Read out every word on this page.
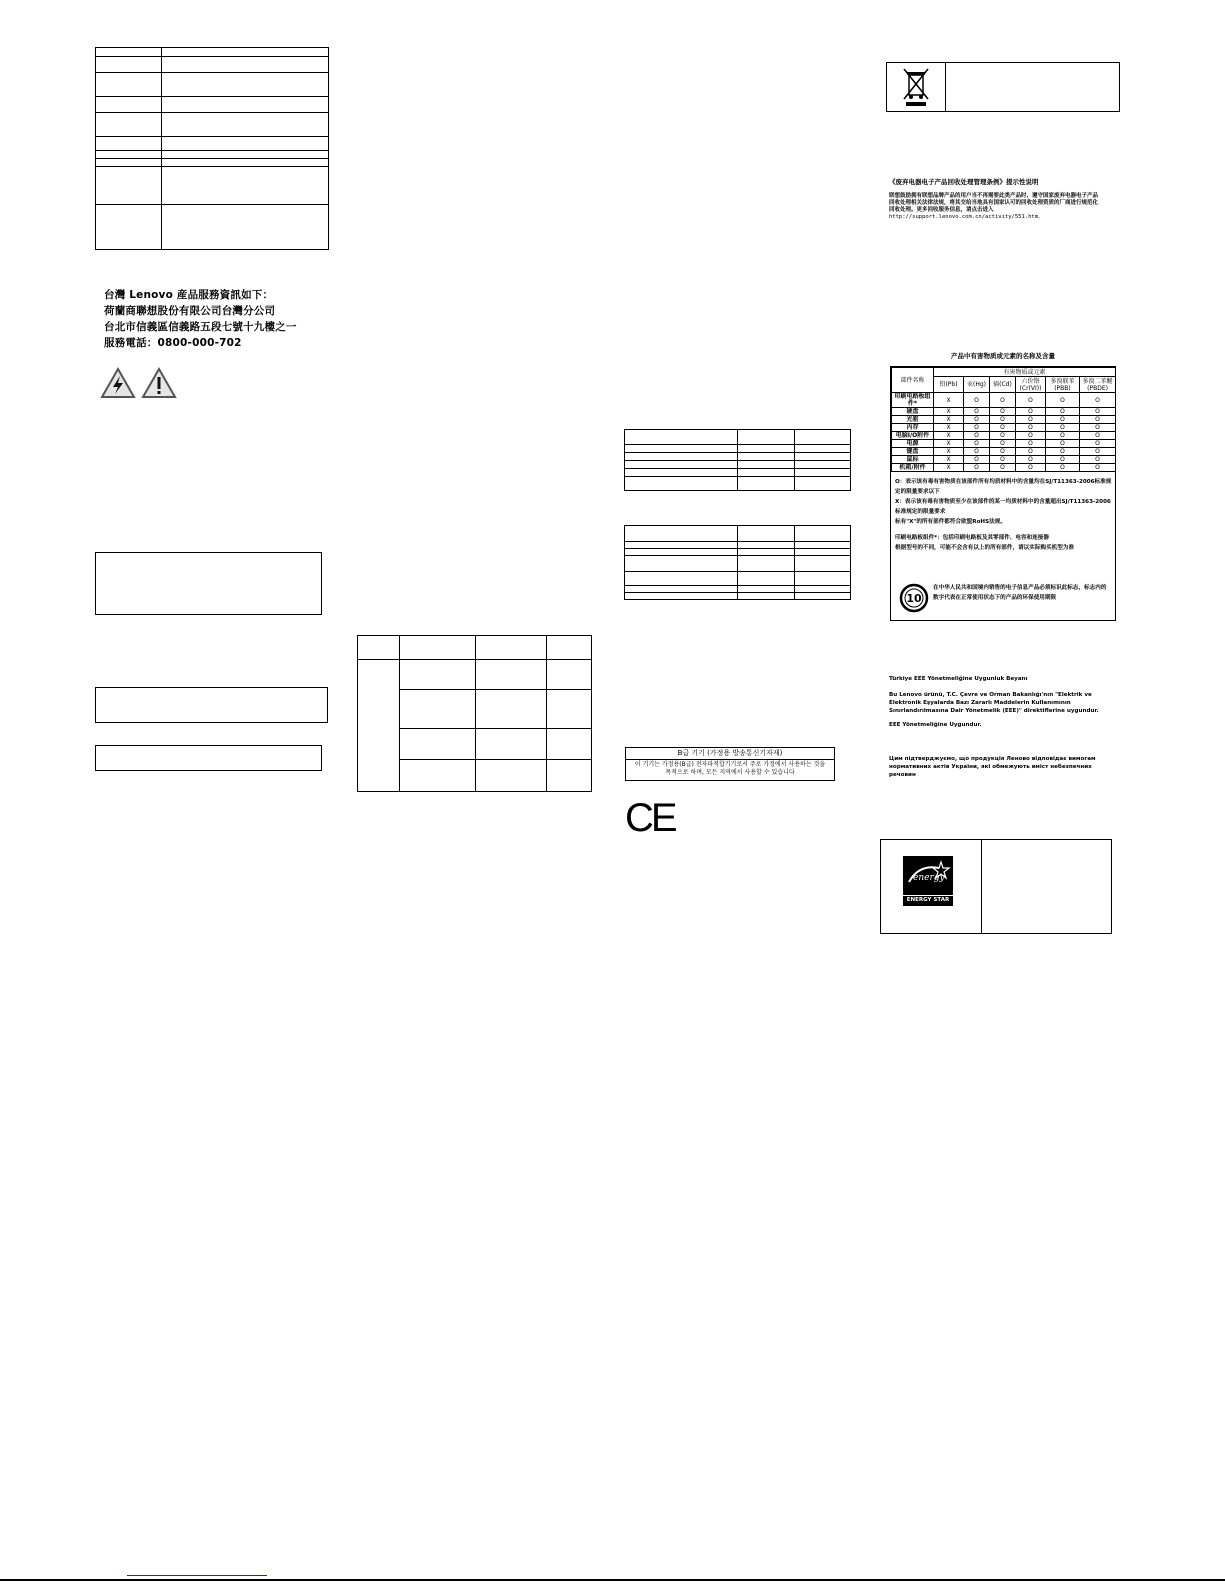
台灣 Lenovo 産品服務資訊如下：
荷蘭商聯想股份有限公司台灣分公司
台北市信義區信義路五段七號十九樓之一
服務電話：0800-000-702

B급 기기 (가정용 방송통신기자재)
이 기기는 가정용(B급) 전자파적합기기로서 주로 가정에서 사용하는 것을 목적으로 하며, 모든 지역에서 사용할 수 있습니다
CE
《废弃电器电子产品回收处理管理条例》提示性说明
联想鼓励拥有联想品牌产品的用户当不再需要此类产品时，遵守国家废弃电器电子产品回收处理相关法律法规，将其交给当地具有国家认可的回收处理资质的厂商进行规范化回收处理。更多回收服务信息，请点击进入
http://support.lenovo.com.cn/activity/551.htm。
产品中有害物质或元素的名称及含量
部件名称	有害物质或元素					
	铅(Pb)	汞(Hg)	镉(Cd)	六价铬 (Cr(VI))	多溴联苯 (PBB)	多溴二苯醚 (PBDE)
印刷电路板组件*	X	O	O	O	O	O
硬盘	X	O	O	O	O	O
光驱	X	O	O	O	O	O
内存	X	O	O	O	O	O
电脑I/O附件	X	O	O	O	O	O
电源	X	O	O	O	O	O
键盘	X	O	O	O	O	O
鼠标	X	O	O	O	O	O
机箱/附件	X	O	O	O	O	O
O：表示该有毒有害物质在该部件所有均质材料中的含量均在SJ/T11363-2006标准规定的限量要求以下
X：表示该有毒有害物质至少在该部件的某一均质材料中的含量超出SJ/T11363-2006标准规定的限量要求
标有"X"的所有部件都符合欧盟RoHS法规。
印刷电路板组件*：包括印刷电路板及其零部件、电容和连接器
根据型号的不同，可能不会含有以上的所有部件，请以实际购买机型为准
10
在中华人民共和国境内销售的电子信息产品必须标识此标志，标志内的数字代表在正常使用状态下的产品的环保使用期限
Türkiye EEE Yönetmeliğine Uygunluk Beyanı
Bu Lenovo ürünü, T.C. Çevre ve Orman Bakanlığı'nın "Elektrik ve Elektronik Eşyalarda Bazı Zararlı Maddelerin Kullanımının Sınırlandırılmasına Dair Yönetmelik (EEE)" direktiflerine uygundur.
EEE Yönetmeliğine Uygundur.
Цим підтверджуємо, що продукція Леново відповідає вимогам нормативних актів України, які обмежують вміст небезпечних речовин
energy
ENERGY STAR
